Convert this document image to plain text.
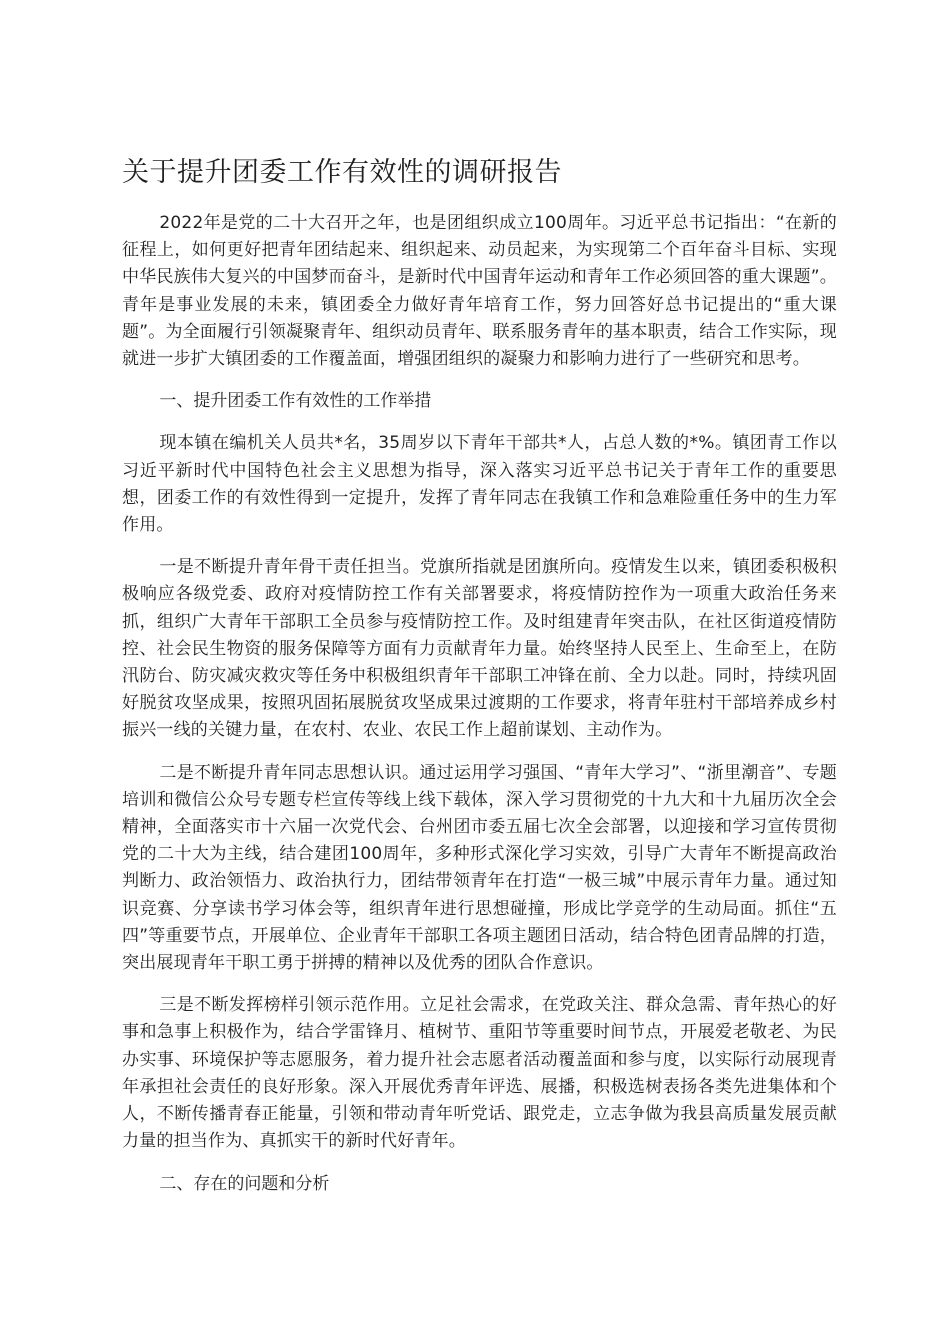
关于提升团委工作有效性的调研报告

2022年是党的二十大召开之年，也是团组织成立100周年。习近平总书记指出：“在新的征程上，如何更好把青年团结起来、组织起来、动员起来，为实现第二个百年奋斗目标、实现中华民族伟大复兴的中国梦而奋斗，是新时代中国青年运动和青年工作必须回答的重大课题”。青年是事业发展的未来，镇团委全力做好青年培育工作，努力回答好总书记提出的“重大课题”。为全面履行引领凝聚青年、组织动员青年、联系服务青年的基本职责，结合工作实际，现就进一步扩大镇团委的工作覆盖面，增强团组织的凝聚力和影响力进行了一些研究和思考。

一、提升团委工作有效性的工作举措

现本镇在编机关人员共*名，35周岁以下青年干部共*人，占总人数的*%。镇团青工作以习近平新时代中国特色社会主义思想为指导，深入落实习近平总书记关于青年工作的重要思想，团委工作的有效性得到一定提升，发挥了青年同志在我镇工作和急难险重任务中的生力军作用。

一是不断提升青年骨干责任担当。党旗所指就是团旗所向。疫情发生以来，镇团委积极积极响应各级党委、政府对疫情防控工作有关部署要求，将疫情防控作为一项重大政治任务来抓，组织广大青年干部职工全员参与疫情防控工作。及时组建青年突击队，在社区街道疫情防控、社会民生物资的服务保障等方面有力贡献青年力量。始终坚持人民至上、生命至上，在防汛防台、防灾减灾救灾等任务中积极组织青年干部职工冲锋在前、全力以赴。同时，持续巩固好脱贫攻坚成果，按照巩固拓展脱贫攻坚成果过渡期的工作要求，将青年驻村干部培养成乡村振兴一线的关键力量，在农村、农业、农民工作上超前谋划、主动作为。

二是不断提升青年同志思想认识。通过运用学习强国、“青年大学习”、“浙里潮音”、专题培训和微信公众号专题专栏宣传等线上线下载体，深入学习贯彻党的十九大和十九届历次全会精神，全面落实市十六届一次党代会、台州团市委五届七次全会部署，以迎接和学习宣传贯彻党的二十大为主线，结合建团100周年，多种形式深化学习实效，引导广大青年不断提高政治判断力、政治领悟力、政治执行力，团结带领青年在打造“一极三城”中展示青年力量。通过知识竞赛、分享读书学习体会等，组织青年进行思想碰撞，形成比学竞学的生动局面。抓住“五四”等重要节点，开展单位、企业青年干部职工各项主题团日活动，结合特色团青品牌的打造，突出展现青年干职工勇于拼搏的精神以及优秀的团队合作意识。

三是不断发挥榜样引领示范作用。立足社会需求，在党政关注、群众急需、青年热心的好事和急事上积极作为，结合学雷锋月、植树节、重阳节等重要时间节点，开展爱老敬老、为民办实事、环境保护等志愿服务，着力提升社会志愿者活动覆盖面和参与度，以实际行动展现青年承担社会责任的良好形象。深入开展优秀青年评选、展播，积极选树表扬各类先进集体和个人，不断传播青春正能量，引领和带动青年听党话、跟党走，立志争做为我县高质量发展贡献力量的担当作为、真抓实干的新时代好青年。

二、存在的问题和分析
